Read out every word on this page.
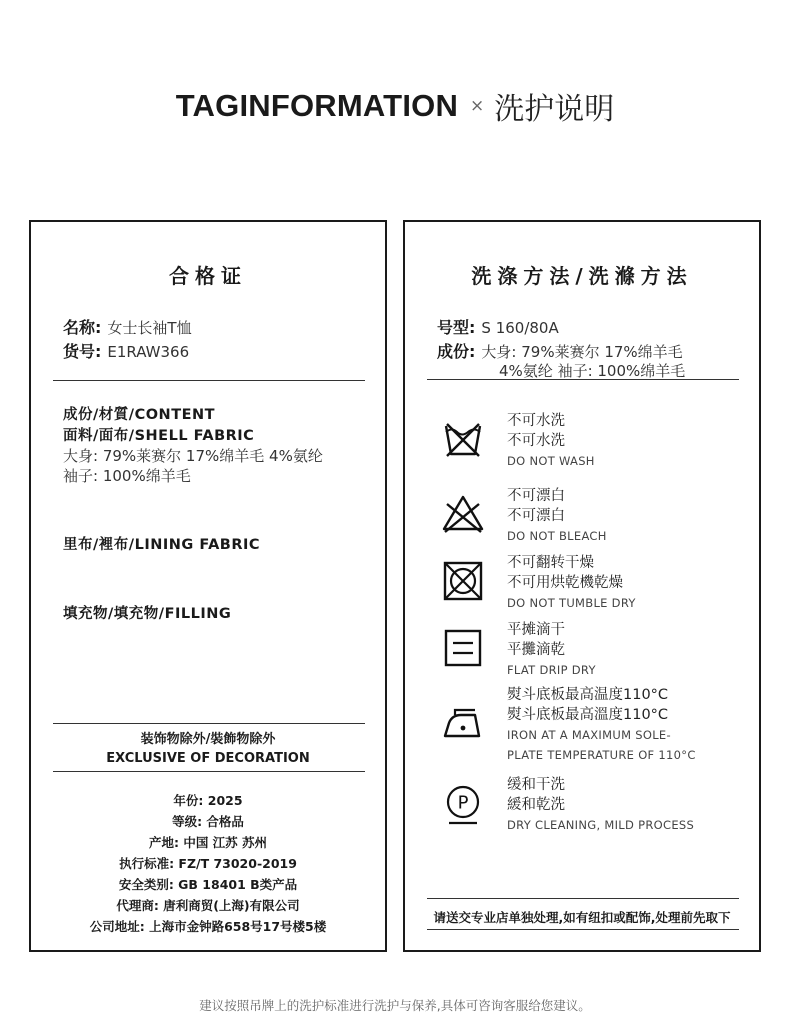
TAGINFORMATION × 洗护说明
合格证
名称: 女士长袖T恤
货号: E1RAW366
成份/材質/CONTENT
面料/面布/SHELL FABRIC
大身: 79%莱赛尔 17%绵羊毛 4%氨纶
袖子: 100%绵羊毛
里布/裡布/LINING FABRIC
填充物/填充物/FILLING
装饰物除外/裝飾物除外
EXCLUSIVE OF DECORATION
年份: 2025
等级: 合格品
产地: 中国 江苏 苏州
执行标准: FZ/T 73020-2019
安全类别: GB 18401 B类产品
代理商: 唐利商贸(上海)有限公司
公司地址: 上海市金钟路658号17号楼5楼
洗涤方法/洗滌方法
号型: S 160/80A
成份: 大身: 79%莱赛尔 17%绵羊毛
4%氨纶 袖子: 100%绵羊毛
不可水洗
不可水洗
DO NOT WASH
不可漂白
不可漂白
DO NOT BLEACH
不可翻转干燥
不可用烘乾機乾燥
DO NOT TUMBLE DRY
平摊滴干
平攤滴乾
FLAT DRIP DRY
熨斗底板最高温度110°C
熨斗底板最高溫度110°C
IRON AT A MAXIMUM SOLE-
PLATE TEMPERATURE OF 110°C
P
缓和干洗
緩和乾洗
DRY CLEANING, MILD PROCESS
请送交专业店单独处理,如有纽扣或配饰,处理前先取下
建议按照吊牌上的洗护标准进行洗护与保养,具体可咨询客服给您建议。
